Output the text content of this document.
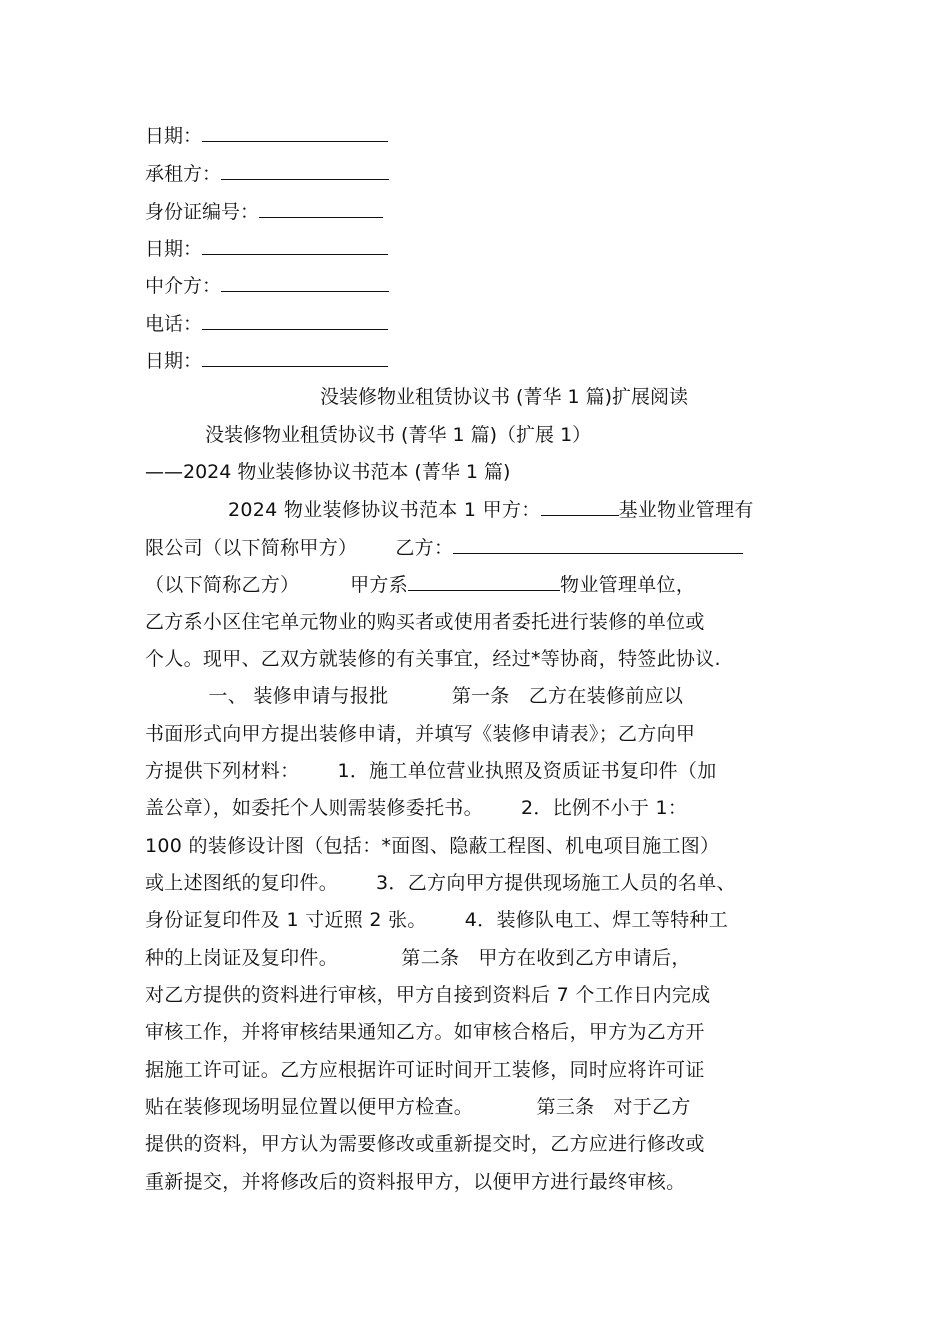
日期：
承租方：
身份证编号：
日期：
中介方：
电话：
日期：
没装修物业租赁协议书 (菁华 1 篇)扩展阅读
没装修物业租赁协议书 (菁华 1 篇)（扩展 1）
——2024 物业装修协议书范本 (菁华 1 篇)
2024 物业装修协议书范本 1 甲方：	基业物业管理有
限公司（以下简称甲方）      乙方：
（以下简称乙方）        甲方系	物业管理单位，
乙方系小区住宅单元物业的购买者或使用者委托进行装修的单位或
个人。现甲、乙双方就装修的有关事宜，经过*等协商，特签此协议.
一、 装修申请与报批          第一条   乙方在装修前应以
书面形式向甲方提出装修申请，并填写《装修申请表》；乙方向甲
方提供下列材料：      1．施工单位营业执照及资质证书复印件（加
盖公章），如委托个人则需装修委托书。      2．比例不小于 1：
100 的装修设计图（包括：*面图、隐蔽工程图、机电项目施工图）
或上述图纸的复印件。      3．乙方向甲方提供现场施工人员的名单、
身份证复印件及 1 寸近照 2 张。      4．装修队电工、焊工等特种工
种的上岗证及复印件。          第二条   甲方在收到乙方申请后，
对乙方提供的资料进行审核，甲方自接到资料后 7 个工作日内完成
审核工作，并将审核结果通知乙方。如审核合格后，甲方为乙方开
据施工许可证。乙方应根据许可证时间开工装修，同时应将许可证
贴在装修现场明显位置以便甲方检查。          第三条   对于乙方
提供的资料，甲方认为需要修改或重新提交时，乙方应进行修改或
重新提交，并将修改后的资料报甲方，以便甲方进行最终审核。
